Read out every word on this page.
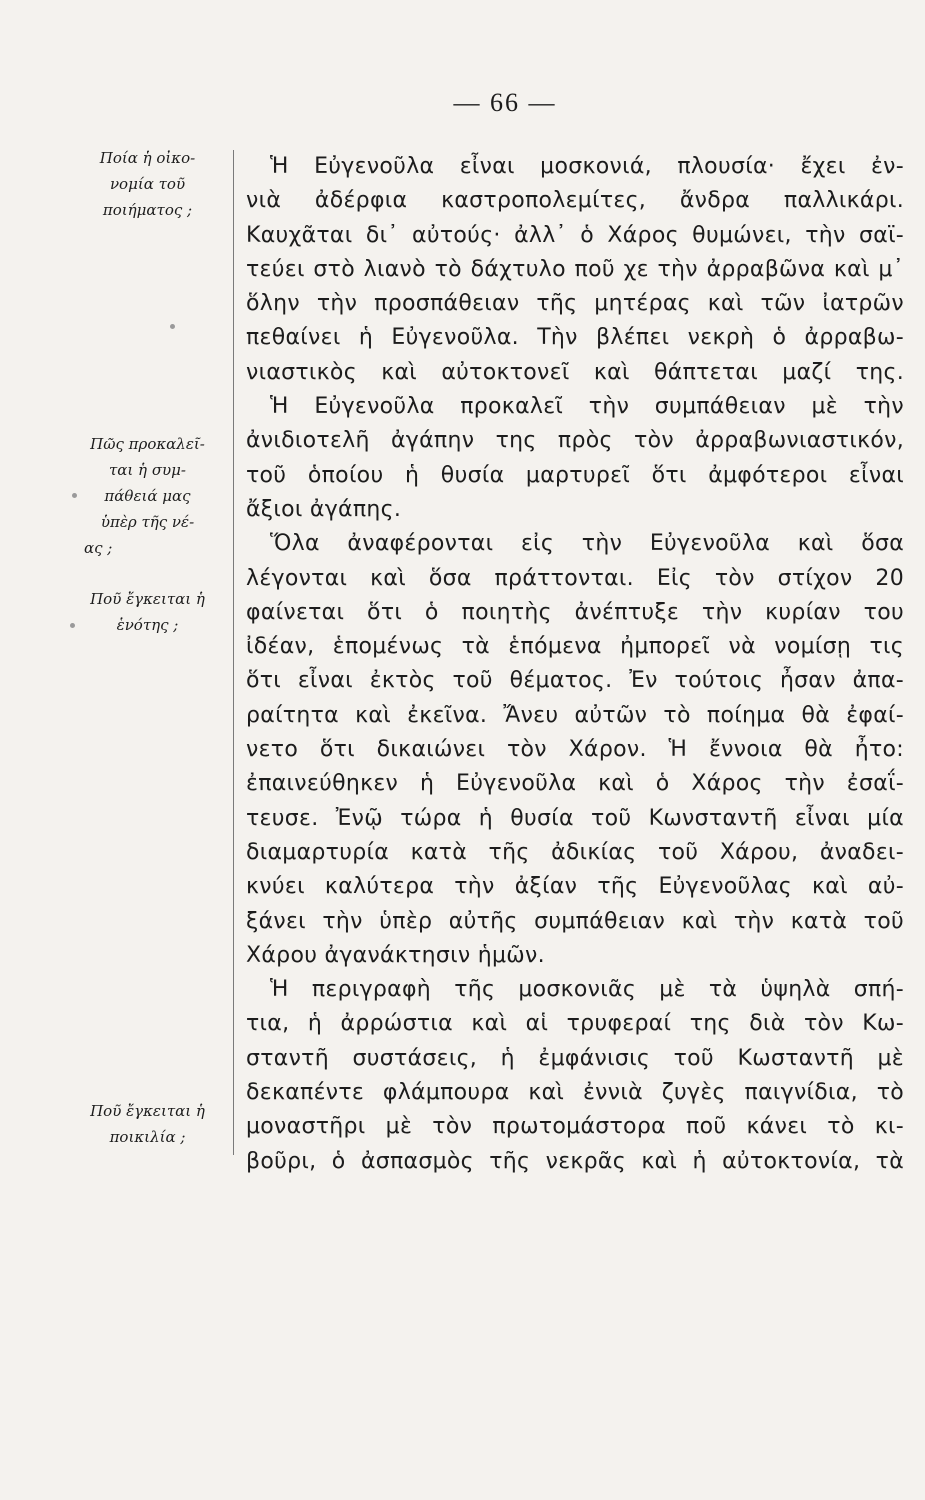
— 66 —

Ποία ἡ οἰκο-
νομία τοῦ
ποιήματος ;

Πῶς προκαλεῖ-
ται ἡ συμ-
πάθειά μας
ὑπὲρ τῆς νέ-
ας ;

Ποῦ ἔγκειται ἡ
ἑνότης ;

Ποῦ ἔγκειται ἡ
ποικιλία ;

Ἡ Εὐγενοῦλα εἶναι μοσκονιά, πλουσία· ἔχει ἐν-
νιὰ ἀδέρφια καστροπολεμίτες, ἄνδρα παλλικάρι.
Καυχᾶται δι᾽ αὐτούς· ἀλλ᾽ ὁ Χάρος θυμώνει, τὴν σαϊ-
τεύει στὸ λιανὸ τὸ δάχτυλο ποῦ χε τὴν ἀρραβῶνα καὶ μ᾽
ὅλην τὴν προσπάθειαν τῆς μητέρας καὶ τῶν ἰατρῶν
πεθαίνει ἡ Εὐγενοῦλα. Τὴν βλέπει νεκρὴ ὁ ἀρραβω-
νιαστικὸς καὶ αὐτοκτονεῖ καὶ θάπτεται μαζί της.
Ἡ Εὐγενοῦλα προκαλεῖ τὴν συμπάθειαν μὲ τὴν
ἀνιδιοτελῆ ἀγάπην της πρὸς τὸν ἀρραβωνιαστικόν,
τοῦ ὁποίου ἡ θυσία μαρτυρεῖ ὅτι ἀμφότεροι εἶναι
ἄξιοι ἀγάπης.
Ὅλα ἀναφέρονται εἰς τὴν Εὐγενοῦλα καὶ ὅσα
λέγονται καὶ ὅσα πράττονται. Εἰς τὸν στίχον 20
φαίνεται ὅτι ὁ ποιητὴς ἀνέπτυξε τὴν κυρίαν του
ἰδέαν, ἑπομένως τὰ ἑπόμενα ἠμπορεῖ νὰ νομίσῃ τις
ὅτι εἶναι ἐκτὸς τοῦ θέματος. Ἐν τούτοις ἦσαν ἀπα-
ραίτητα καὶ ἐκεῖνα. Ἄνευ αὐτῶν τὸ ποίημα θὰ ἐφαί-
νετο ὅτι δικαιώνει τὸν Χάρον. Ἡ ἔννοια θὰ ἦτο:
ἐπαινεύθηκεν ἡ Εὐγενοῦλα καὶ ὁ Χάρος τὴν ἐσαΐ-
τευσε. Ἐνῷ τώρα ἡ θυσία τοῦ Κωνσταντῆ εἶναι μία
διαμαρτυρία κατὰ τῆς ἀδικίας τοῦ Χάρου, ἀναδει-
κνύει καλύτερα τὴν ἀξίαν τῆς Εὐγενοῦλας καὶ αὐ-
ξάνει τὴν ὑπὲρ αὐτῆς συμπάθειαν καὶ τὴν κατὰ τοῦ
Χάρου ἀγανάκτησιν ἡμῶν.
Ἡ περιγραφὴ τῆς μοσκονιᾶς μὲ τὰ ὑψηλὰ σπή-
τια, ἡ ἀρρώστια καὶ αἱ τρυφεραί της διὰ τὸν Κω-
σταντῆ συστάσεις, ἡ ἐμφάνισις τοῦ Κωσταντῆ μὲ
δεκαπέντε φλάμπουρα καὶ ἐννιὰ ζυγὲς παιγνίδια, τὸ
μοναστῆρι μὲ τὸν πρωτομάστορα ποῦ κάνει τὸ κι-
βοῦρι, ὁ ἀσπασμὸς τῆς νεκρᾶς καὶ ἡ αὐτοκτονία, τὰ
